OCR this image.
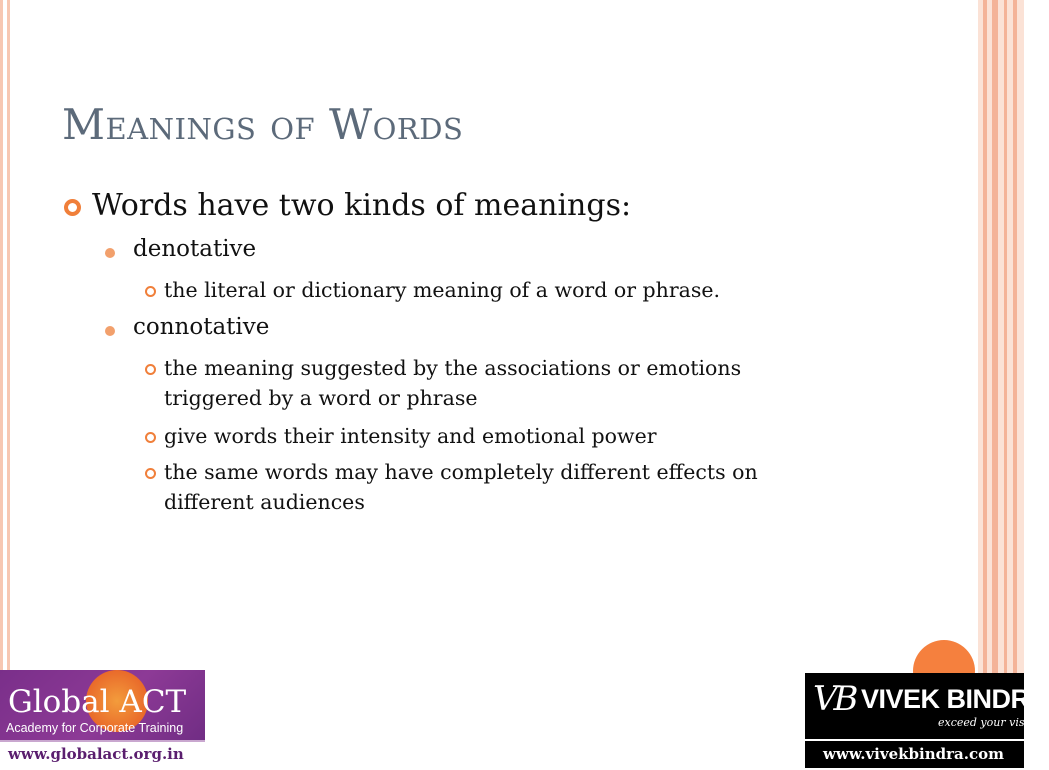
Meanings of Words
Words have two kinds of meanings:
denotative
the literal or dictionary meaning of a word or phrase.
connotative
the meaning suggested by the associations or emotions
triggered by a word or phrase
give words their intensity and emotional power
the same words may have completely different effects on
different audiences
Global ACT
Academy for Corporate Training
www.globalact.org.in
VB VIVEK BINDRA
exceed your vision
www.vivekbindra.com
